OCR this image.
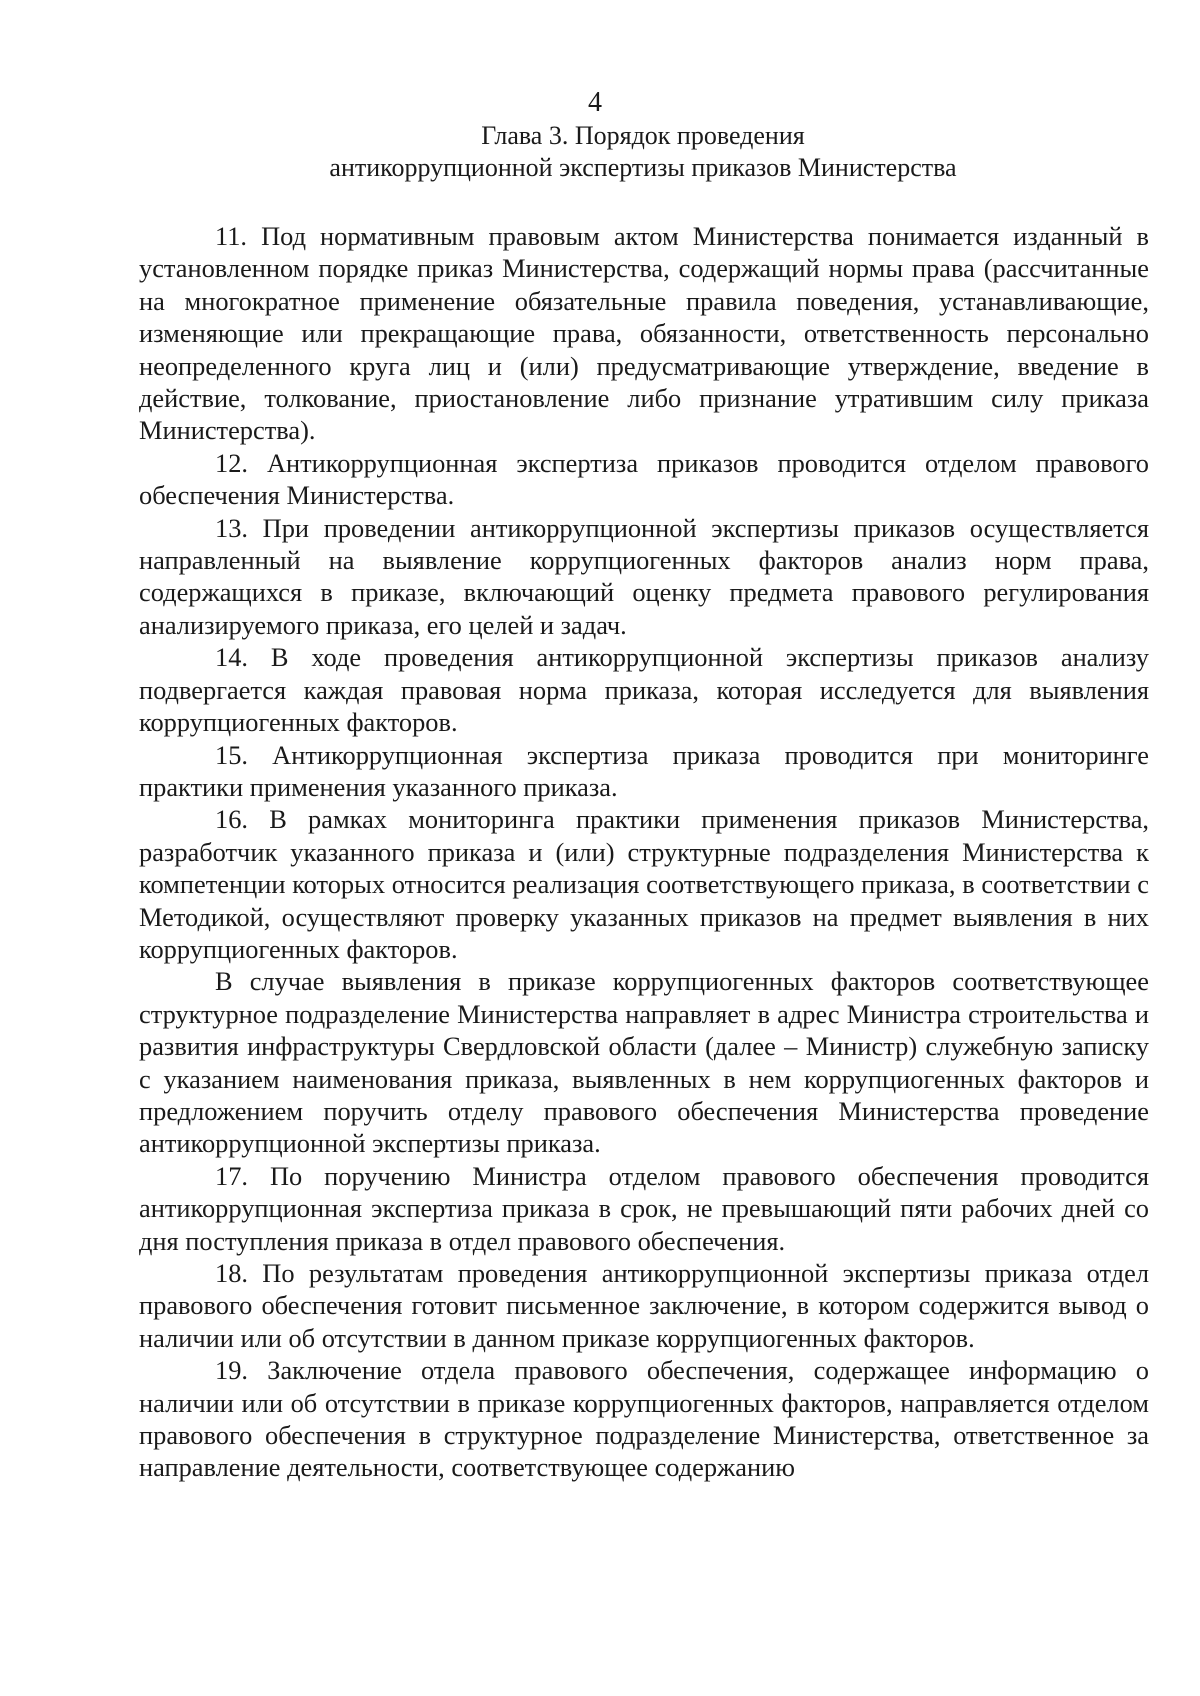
4
Глава 3. Порядок проведения
антикоррупционной экспертизы приказов Министерства

11. Под нормативным правовым актом Министерства понимается изданный в установленном порядке приказ Министерства, содержащий нормы права (рассчитанные на многократное применение обязательные правила поведения, устанавливающие, изменяющие или прекращающие права, обязанности, ответственность персонально неопределенного круга лиц и (или) предусматривающие утверждение, введение в действие, толкование, приостановление либо признание утратившим силу приказа Министерства).

12. Антикоррупционная экспертиза приказов проводится отделом правового обеспечения Министерства.

13. При проведении антикоррупционной экспертизы приказов осуществляется направленный на выявление коррупциогенных факторов анализ норм права, содержащихся в приказе, включающий оценку предмета правового регулирования анализируемого приказа, его целей и задач.

14. В ходе проведения антикоррупционной экспертизы приказов анализу подвергается каждая правовая норма приказа, которая исследуется для выявления коррупциогенных факторов.

15. Антикоррупционная экспертиза приказа проводится при мониторинге практики применения указанного приказа.

16. В рамках мониторинга практики применения приказов Министерства, разработчик указанного приказа и (или) структурные подразделения Министерства к компетенции которых относится реализация соответствующего приказа, в соответствии с Методикой, осуществляют проверку указанных приказов на предмет выявления в них коррупциогенных факторов.

В случае выявления в приказе коррупциогенных факторов соответствующее структурное подразделение Министерства направляет в адрес Министра строительства и развития инфраструктуры Свердловской области (далее – Министр) служебную записку с указанием наименования приказа, выявленных в нем коррупциогенных факторов и предложением поручить отделу правового обеспечения Министерства проведение антикоррупционной экспертизы приказа.

17. По поручению Министра отделом правового обеспечения проводится антикоррупционная экспертиза приказа в срок, не превышающий пяти рабочих дней со дня поступления приказа в отдел правового обеспечения.

18. По результатам проведения антикоррупционной экспертизы приказа отдел правового обеспечения готовит письменное заключение, в котором содержится вывод о наличии или об отсутствии в данном приказе коррупциогенных факторов.

19. Заключение отдела правового обеспечения, содержащее информацию о наличии или об отсутствии в приказе коррупциогенных факторов, направляется отделом правового обеспечения в структурное подразделение Министерства, ответственное за направление деятельности, соответствующее содержанию
